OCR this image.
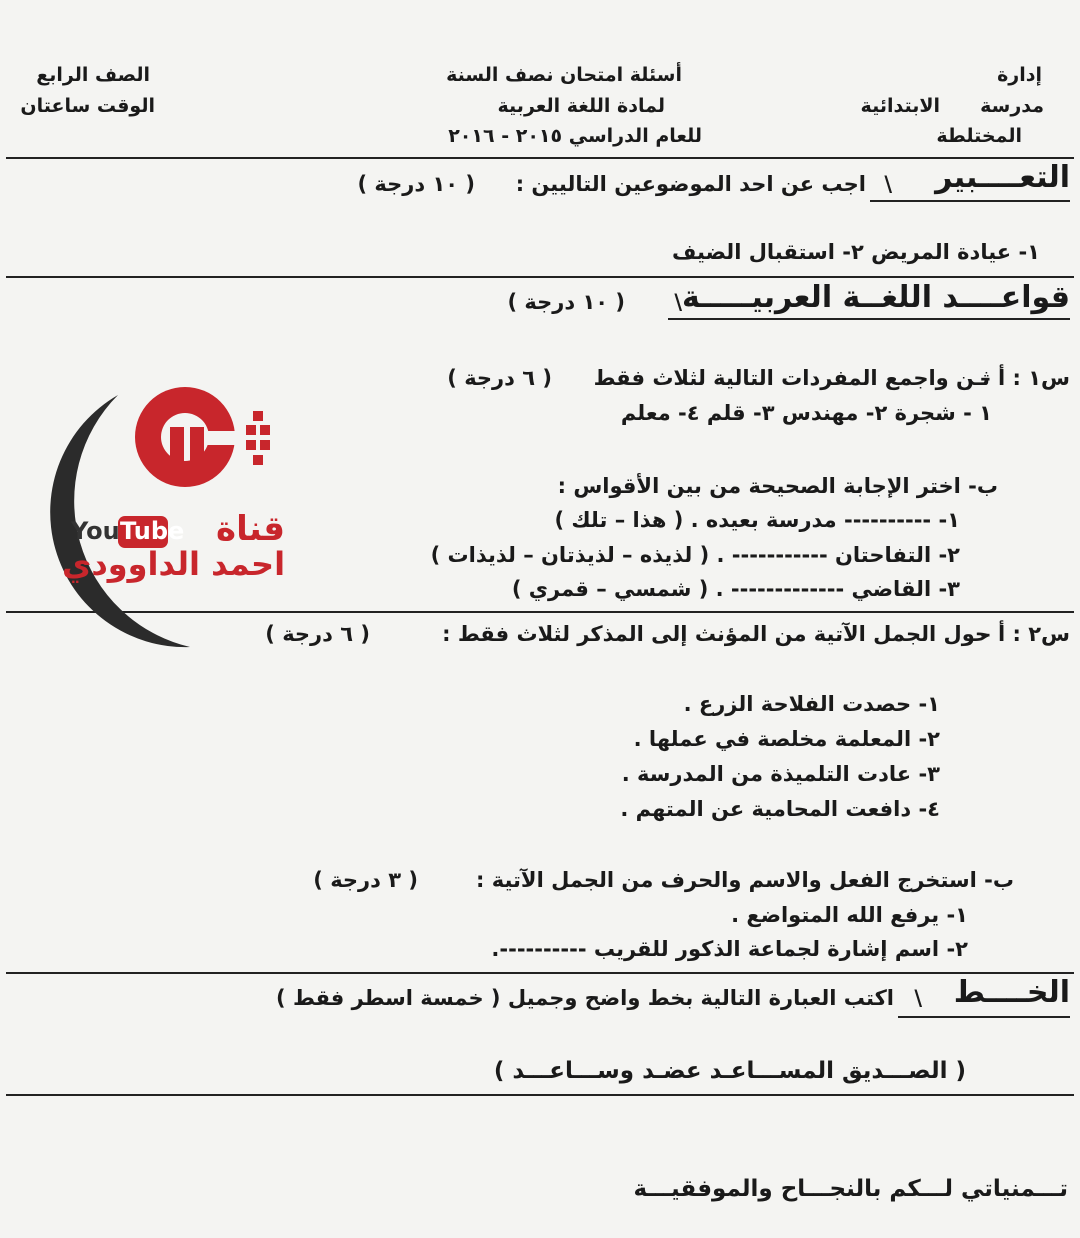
إدارة
مدرسة
الابتدائية
المختلطة
أسئلة امتحان نصف السنة
لمادة اللغة العربية
للعام الدراسي ٢٠١٥ - ٢٠١٦
الصف الرابع
الوقت ساعتان
التعــــبير
\
اجب عن احد الموضوعين التاليين :
( ١٠ درجة )
١- عيادة المريض ٢- استقبال الضيف
قواعــــد اللغــة العربيـــــة
\
( ١٠ درجة )
س١ : أ –
ثـن واجمع المفردات التالية لثلاث فقط
( ٦ درجة )
١ - شجرة ٢- مهندس ٣- قلم ٤- معلم
ب- اختر الإجابة الصحيحة من بين الأقواس :
١- ---------- مدرسة بعيده . ( هذا – تلك )
٢- التفاحتان ----------- . ( لذيذه – لذيذتان – لذيذات )
٣- القاضي ------------- . ( شمسي – قمري )
س٢ : أ –
حول الجمل الآتية من المؤنث إلى المذكر لثلاث فقط :
( ٦ درجة )
١- حصدت الفلاحة الزرع .
٢- المعلمة مخلصة في عملها .
٣- عادت التلميذة من المدرسة .
٤- دافعت المحامية عن المتهم .
ب- استخرج الفعل والاسم والحرف من الجمل الآتية :
( ٣ درجة )
١- يرفع الله المتواضع .
٢- اسم إشارة لجماعة الذكور للقريب ----------.
الخــــط
\
اكتب العبارة التالية بخط واضح وجميل ( خمسة اسطر فقط )
( الصـــديق المســـاعـد عضـد وســـاعـــد )
تـــمنياتي لـــكم بالنجـــاح والموفقيـــة
You Tube قناة
احمد الداوودي
